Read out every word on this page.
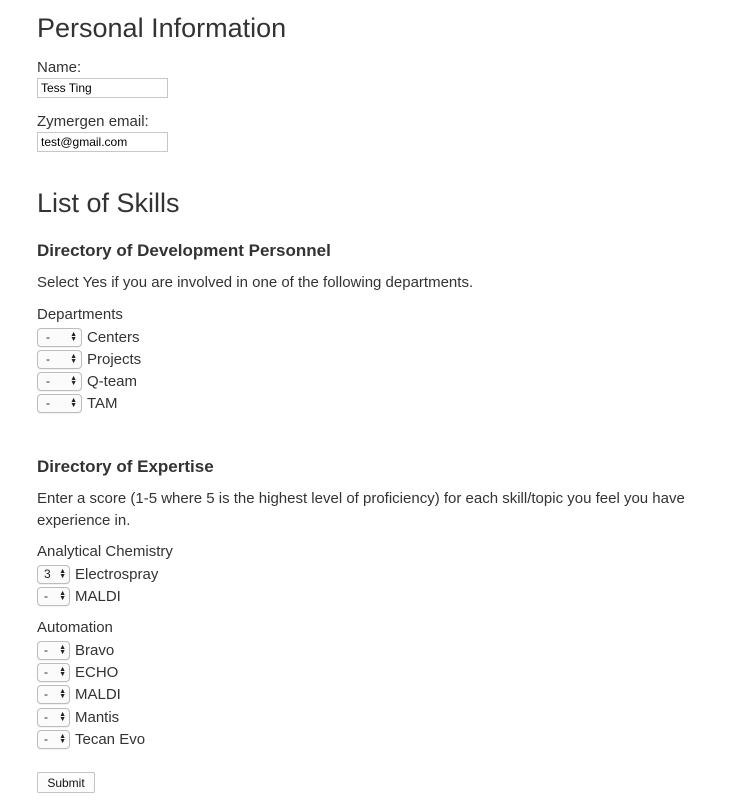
Personal Information
Name:
Tess Ting
Zymergen email:
test@gmail.com
List of Skills
Directory of Development Personnel
Select Yes if you are involved in one of the following departments.
Departments
-	▲
▼ Centers
-	▲
▼ Projects
-	▲
▼ Q-team
-	▲
▼ TAM
Directory of Expertise
Enter a score (1-5 where 5 is the highest level of proficiency) for each skill/topic you feel you have experience in.
Analytical Chemistry
3 ▲
▼ Electrospray
- ▲
▼ MALDI
Automation
- ▲
▼ Bravo
- ▲
▼ ECHO
- ▲
▼ MALDI
- ▲
▼ Mantis
- ▲
▼ Tecan Evo
Submit
